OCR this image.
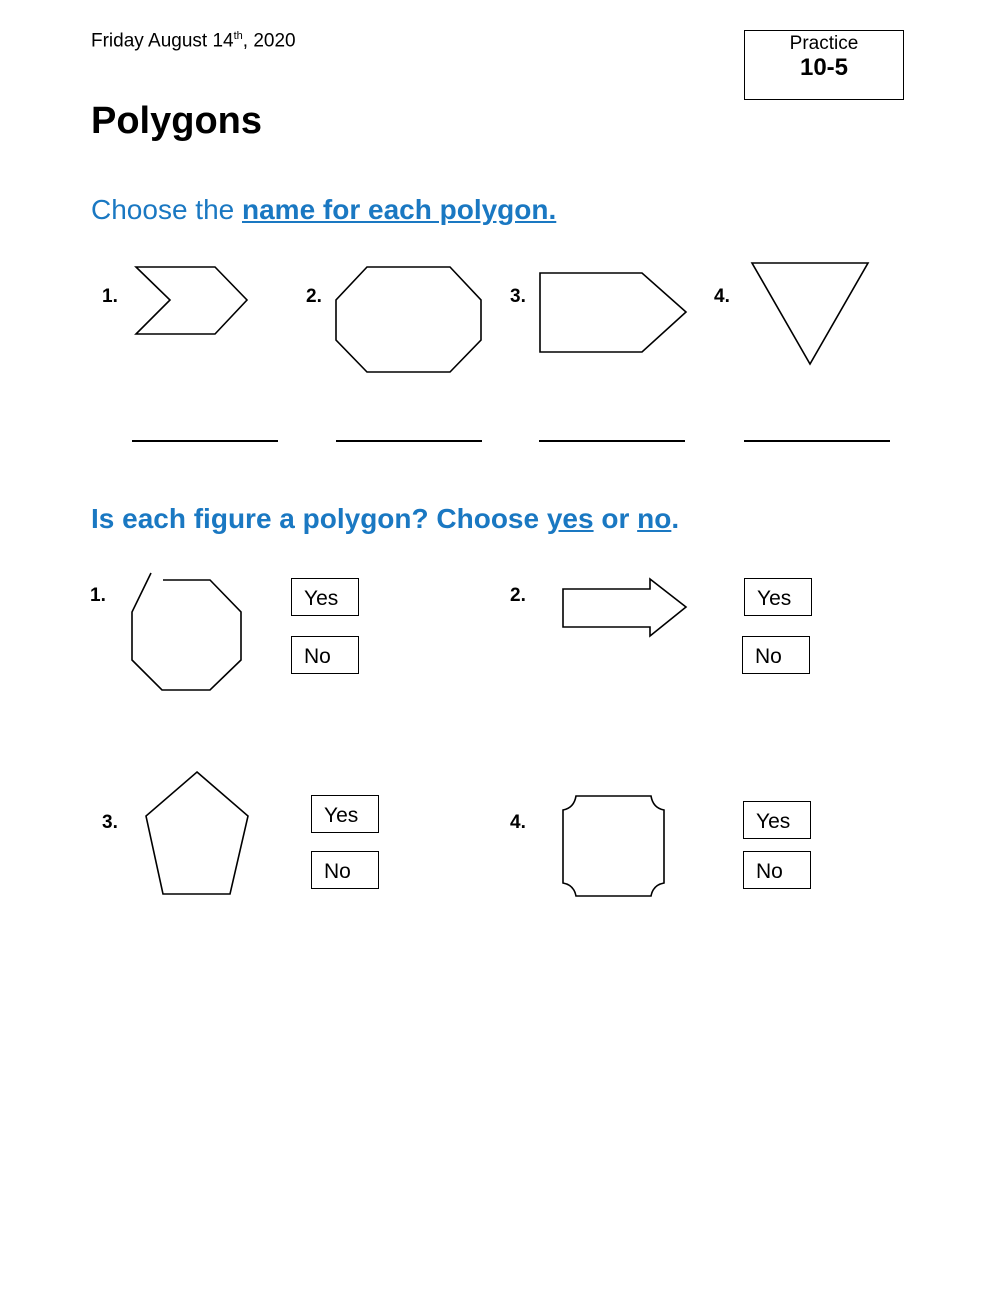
Friday August 14th, 2020	Practice
10-5
Polygons
Choose the name for each polygon.
1.	2.	3.	4.
Is each figure a polygon? Choose yes or no.
1.	Yes
No
2.	Yes
No
3.	Yes
No
4.	Yes
No
